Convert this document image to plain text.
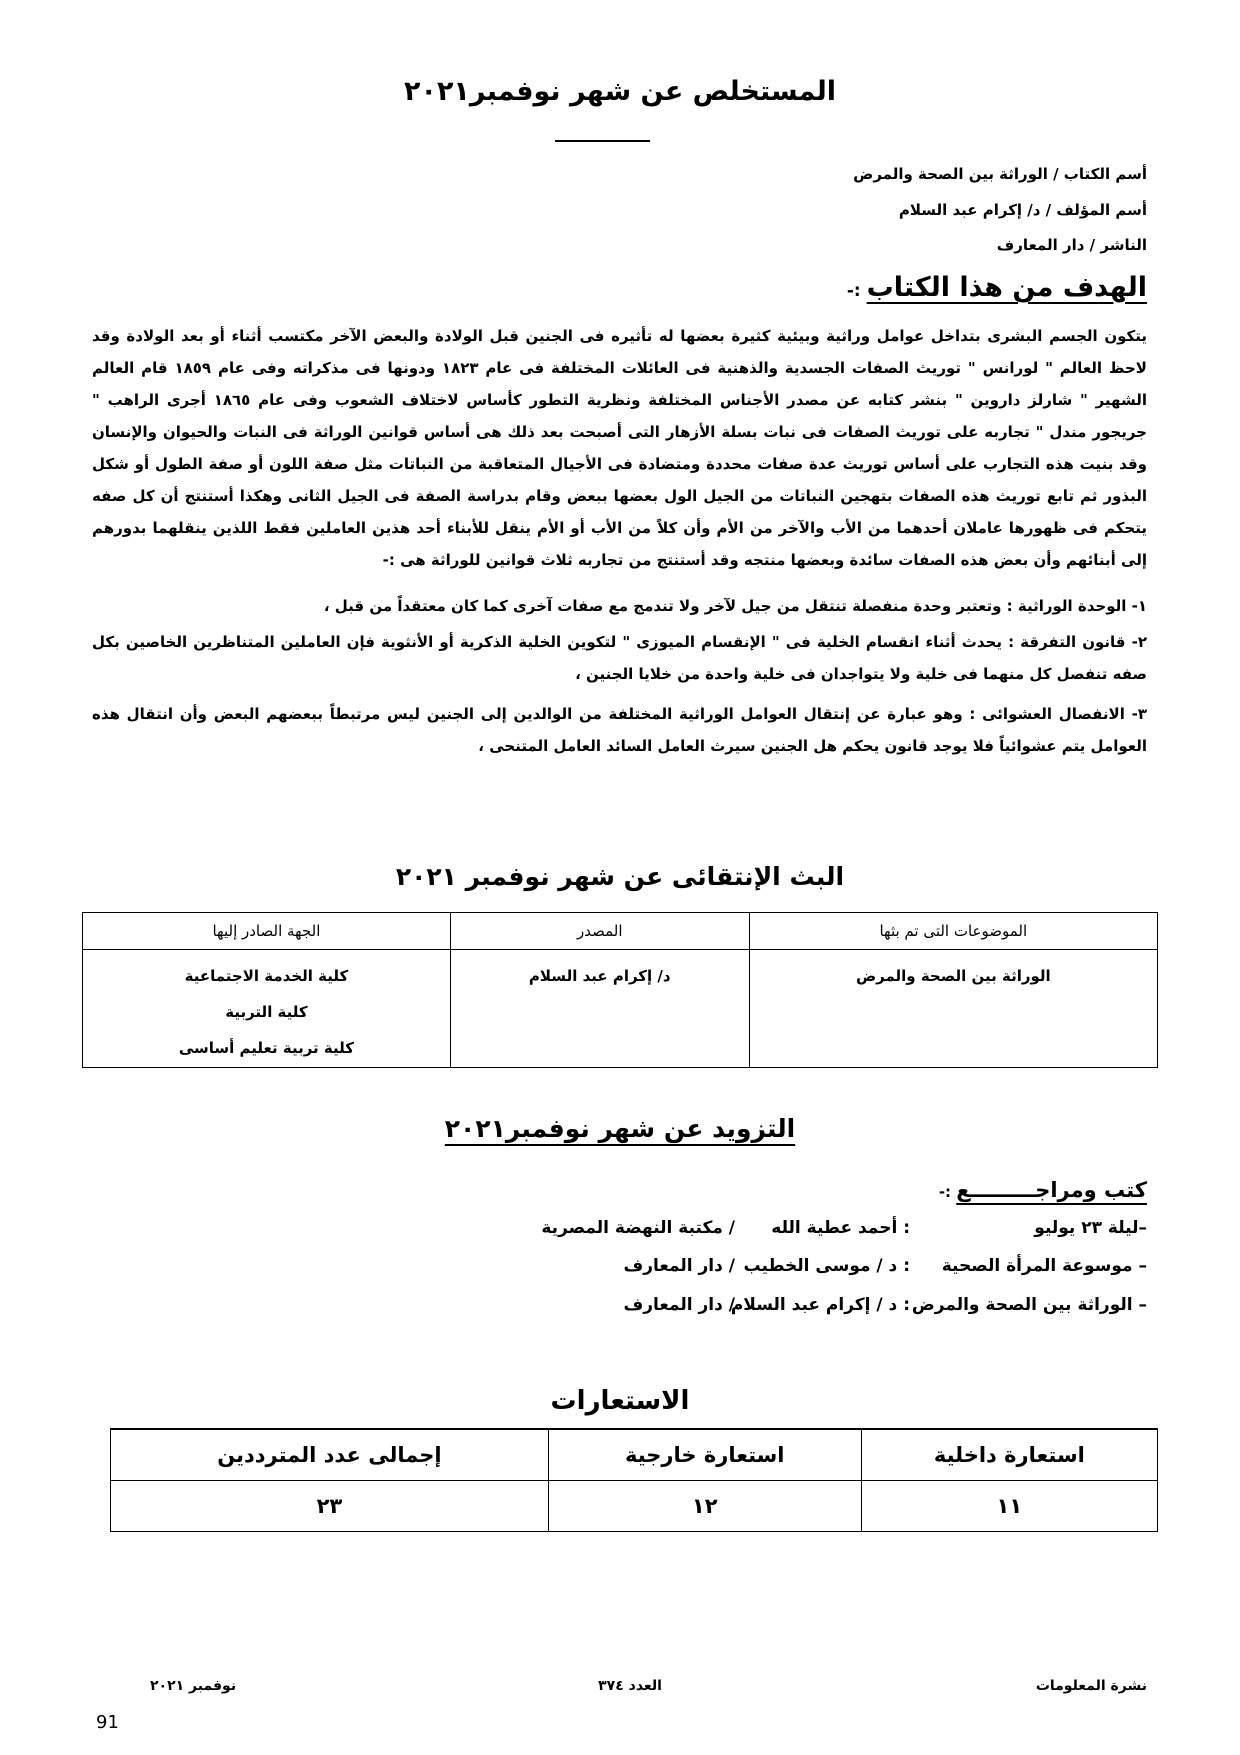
المستخلص عن شهر نوفمبر٢٠٢١
أسم الكتاب / الوراثة بين الصحة والمرض
أسم المؤلف / د/ إكرام عبد السلام
الناشر / دار المعارف
الهدف من هذا الكتاب :-
يتكون الجسم البشرى بتداخل عوامل وراثية وبيئية كثيرة بعضها له تأثيره فى الجنين قبل الولادة والبعض الآخر مكتسب أثناء أو بعد الولادة وقد لاحظ العالم " لورانس " توريث الصفات الجسدية والذهنية فى العائلات المختلفة فى عام ١٨٢٣ ودونها فى مذكراته وفى عام ١٨٥٩ قام العالم الشهير " شارلز داروين " بنشر كتابه عن مصدر الأجناس المختلفة ونظرية التطور كأساس لاختلاف الشعوب وفى عام ١٨٦٥ أجرى الراهب " جريجور مندل " تجاربه على توريث الصفات فى نبات بسلة الأزهار التى أصبحت بعد ذلك هى أساس قوانين الوراثة فى النبات والحيوان والإنسان وقد بنيت هذه التجارب على أساس توريث عدة صفات محددة ومتضادة فى الأجيال المتعاقبة من النباتات مثل صفة اللون أو صفة الطول أو شكل البذور ثم تابع توريث هذه الصفات بتهجين النباتات من الجيل الول بعضها ببعض وقام بدراسة الصفة فى الجيل الثانى وهكذا أستنتج أن كل صفه يتحكم فى ظهورها عاملان أحدهما من الأب والآخر من الأم وأن كلاً من الأب أو الأم ينقل للأبناء أحد هذين العاملين فقط اللذين ينقلهما بدورهم إلى أبنائهم وأن بعض هذه الصفات سائدة وبعضها منتجه وقد أستنتج من تجاربه ثلاث قوانين للوراثة هى :-
١- الوحدة الوراثية : وتعتبر وحدة منفصلة تنتقل من جيل لآخر ولا تندمج مع صفات آخرى كما كان معتقداً من قبل ،
٢- قانون التفرقة : يحدث أثناء انقسام الخلية فى " الإنقسام الميوزى " لتكوين الخلية الذكرية أو الأنثوية فإن العاملين المتناظرين الخاصين بكل صفه تنفصل كل منهما فى خلية ولا يتواجدان فى خلية واحدة من خلايا الجنين ،
٣- الانفصال العشوائى : وهو عبارة عن إنتقال العوامل الوراثية المختلفة من الوالدين إلى الجنين ليس مرتبطاً ببعضهم البعض وأن انتقال هذه العوامل يتم عشوائياً فلا يوجد قانون يحكم هل الجنين سيرث العامل السائد العامل المتنحى ،
البث الإنتقائى عن شهر نوفمبر ٢٠٢١
الموضوعات التى تم بثها	المصدر	الجهة الصادر إليها
الوراثة بين الصحة والمرض	د/ إكرام عبد السلام	كلية الخدمة الاجتماعية
كلية التربية
كلية تربية تعليم أساسى
التزويد عن شهر نوفمبر٢٠٢١
كتب ومراجـــــــــع :-
–ليلة ٢٣ يوليو
: أحمد عطية الله
/ مكتبة النهضة المصرية
– موسوعة المرأة الصحية
: د / موسى الخطيب
/ دار المعارف
– الوراثة بين الصحة والمرض
: د / إكرام عبد السلام
/ دار المعارف
الاستعارات
استعارة داخلية	استعارة خارجية	إجمالى عدد المترددين
١١	١٢	٢٣
نشرة المعلومات
العدد ٣٧٤
نوفمبر ٢٠٢١
91
